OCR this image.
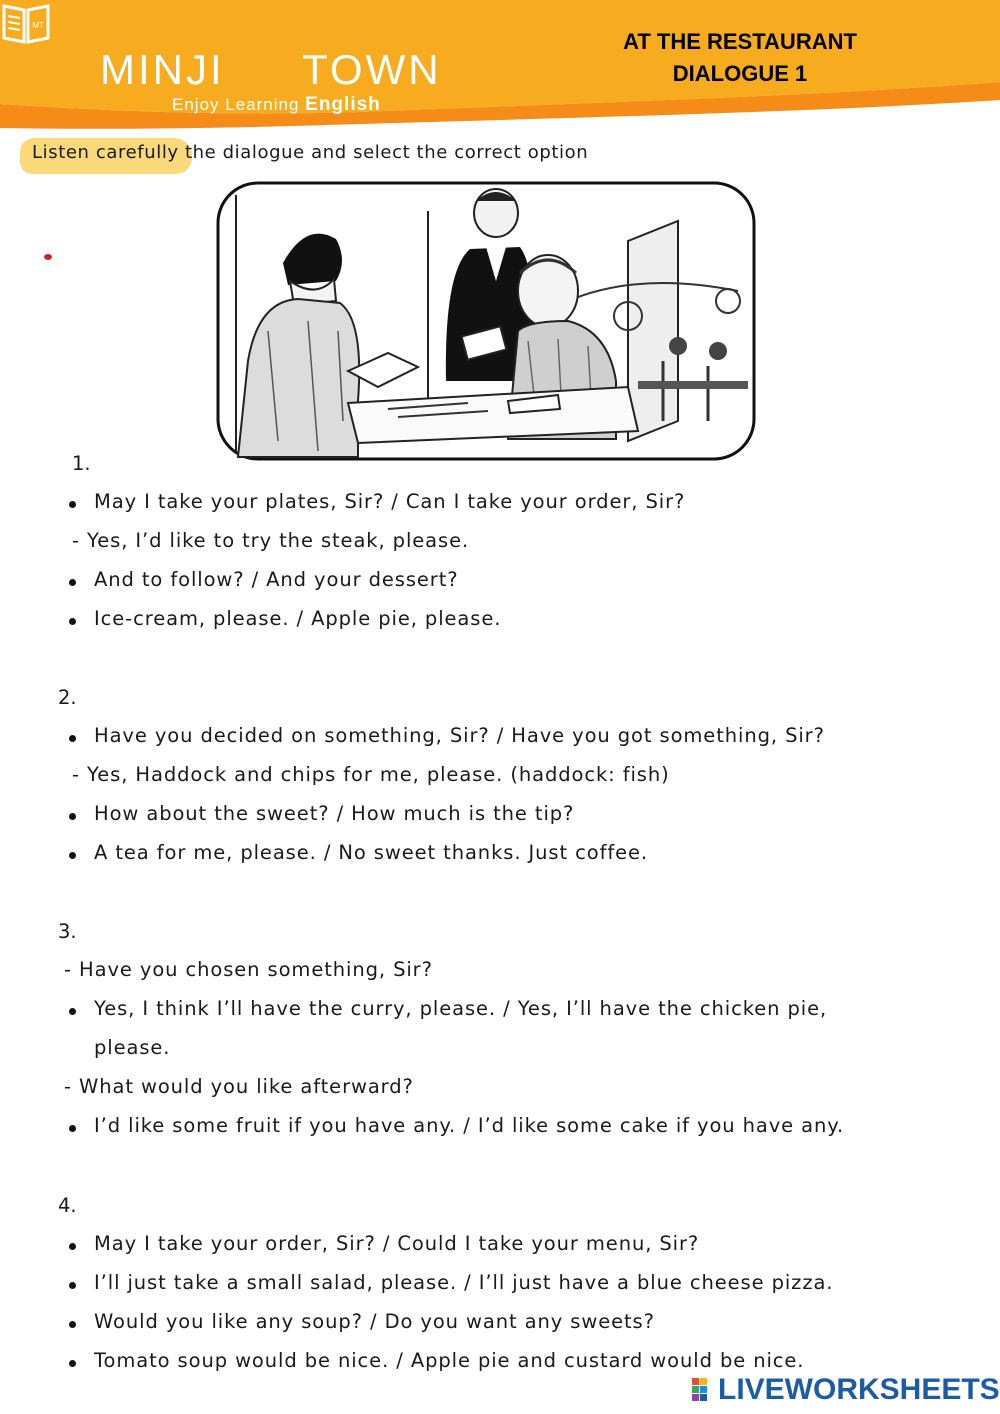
MINJI
MT
TOWN
Enjoy Learning English
AT THE RESTAURANT
DIALOGUE 1
Listen carefully the dialogue and select the correct option
1.
May I take your plates, Sir? / Can I take your order, Sir?
- Yes, I’d like to try the steak, please.
And to follow? / And your dessert?
Ice-cream, please. / Apple pie, please.
2.
Have you decided on something, Sir? / Have you got something, Sir?
- Yes, Haddock and chips for me, please. (haddock: fish)
How about the sweet? / How much is the tip?
A tea for me, please. / No sweet thanks. Just coffee.
3.
- Have you chosen something, Sir?
Yes, I think I’ll have the curry, please. / Yes, I’ll have the chicken pie,
please.
- What would you like afterward?
I’d like some fruit if you have any. / I’d like some cake if you have any.
4.
May I take your order, Sir? / Could I take your menu, Sir?
I’ll just take a small salad, please. / I’ll just have a blue cheese pizza.
Would you like any soup? / Do you want any sweets?
Tomato soup would be nice. / Apple pie and custard would be nice.
LIVEWORKSHEETS
